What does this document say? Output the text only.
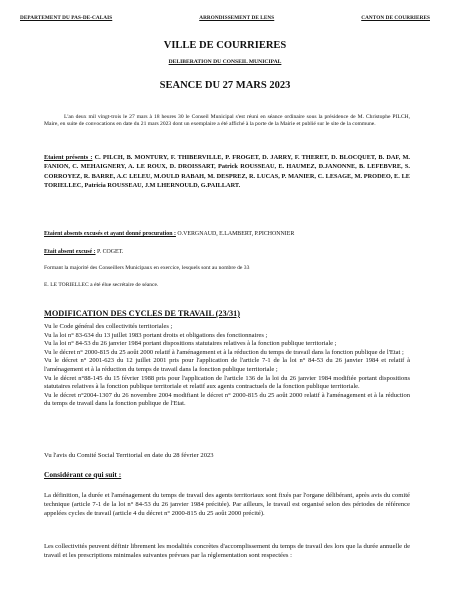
DEPARTEMENT DU PAS-DE-CALAIS	ARRONDISSEMENT DE LENS	CANTON DE COURRIERES
VILLE DE COURRIERES
DELIBERATION DU CONSEIL MUNICIPAL
SEANCE DU 27 MARS 2023
L'an deux mil vingt-trois le 27 mars à 18 heures 30 le Conseil Municipal s'est réuni en séance ordinaire sous la présidence de M. Christophe PILCH, Maire, en suite de convocations en date du 21 mars 2023 dont un exemplaire a été affiché à la porte de la Mairie et publié sur le site de la commune.
Etaient présents : C. PILCH, B. MONTURY, F. THIBERVILLE, P. FROGET, D. JARRY, F. THERET, D. BLOCQUET, B. DAF, M. FANION, C. MEHAIGNERY, A. LE ROUX, D. DROISSART, Patrick ROUSSEAU, E. HAUMEZ, D.JANONNE, B. LEFEBVRE, S. CORROYEZ, R. BARRE, A.C LELEU, M.OULD RABAH, M. DESPREZ, R. LUCAS, P. MANIER, C. LESAGE, M. PRODEO, E. LE TORIELLEC, Patricia ROUSSEAU, J.M LHERNOULD, G.PAILLART.
Etaient absents excusés et ayant donné procuration : O.VERGNAUD, E.LAMBERT, P.PICHONNIER
Etait absent excusé : P. COGET.
Formant la majorité des Conseillers Municipaux en exercice, lesquels sont au nombre de 33
E. LE TORIELLEC a été élue secrétaire de séance.
MODIFICATION DES CYCLES DE TRAVAIL (23/31)

Vu le Code général des collectivités territoriales ;

Vu la loi n° 83-634 du 13 juillet 1983 portant droits et obligations des fonctionnaires ;

Vu la loi n° 84-53 du 26 janvier 1984 portant dispositions statutaires relatives à la fonction publique territoriale ;

Vu le décret n° 2000-815 du 25 août 2000 relatif à l'aménagement et à la réduction du temps de travail dans la fonction publique de l'Etat ;

Vu le décret n° 2001-623 du 12 juillet 2001 pris pour l'application de l'article 7-1 de la loi n° 84-53 du 26 janvier 1984 et relatif à l'aménagement et à la réduction du temps de travail dans la fonction publique territoriale ;

Vu le décret n°88-145 du 15 février 1988 pris pour l'application de l'article 136 de la loi du 26 janvier 1984 modifiée portant dispositions statutaires relatives à la fonction publique territoriale et relatif aux agents contractuels de la fonction publique territoriale.

Vu le décret n°2004-1307 du 26 novembre 2004 modifiant le décret n° 2000-815 du 25 août 2000 relatif à l'aménagement et à la réduction du temps de travail dans la fonction publique de l'Etat.

Vu l'avis du Comité Social Territorial en date du 28 février 2023
Considérant ce qui suit :
La définition, la durée et l'aménagement du temps de travail des agents territoriaux sont fixés par l'organe délibérant, après avis du comité technique (article 7-1 de la loi n° 84-53 du 26 janvier 1984 précitée). Par ailleurs, le travail est organisé selon des périodes de référence appelées cycles de travail (article 4 du décret n° 2000-815 du 25 août 2000 précité).
Les collectivités peuvent définir librement les modalités concrètes d'accomplissement du temps de travail des lors que la durée annuelle de travail et les prescriptions minimales suivantes prévues par la réglementation sont respectées :
